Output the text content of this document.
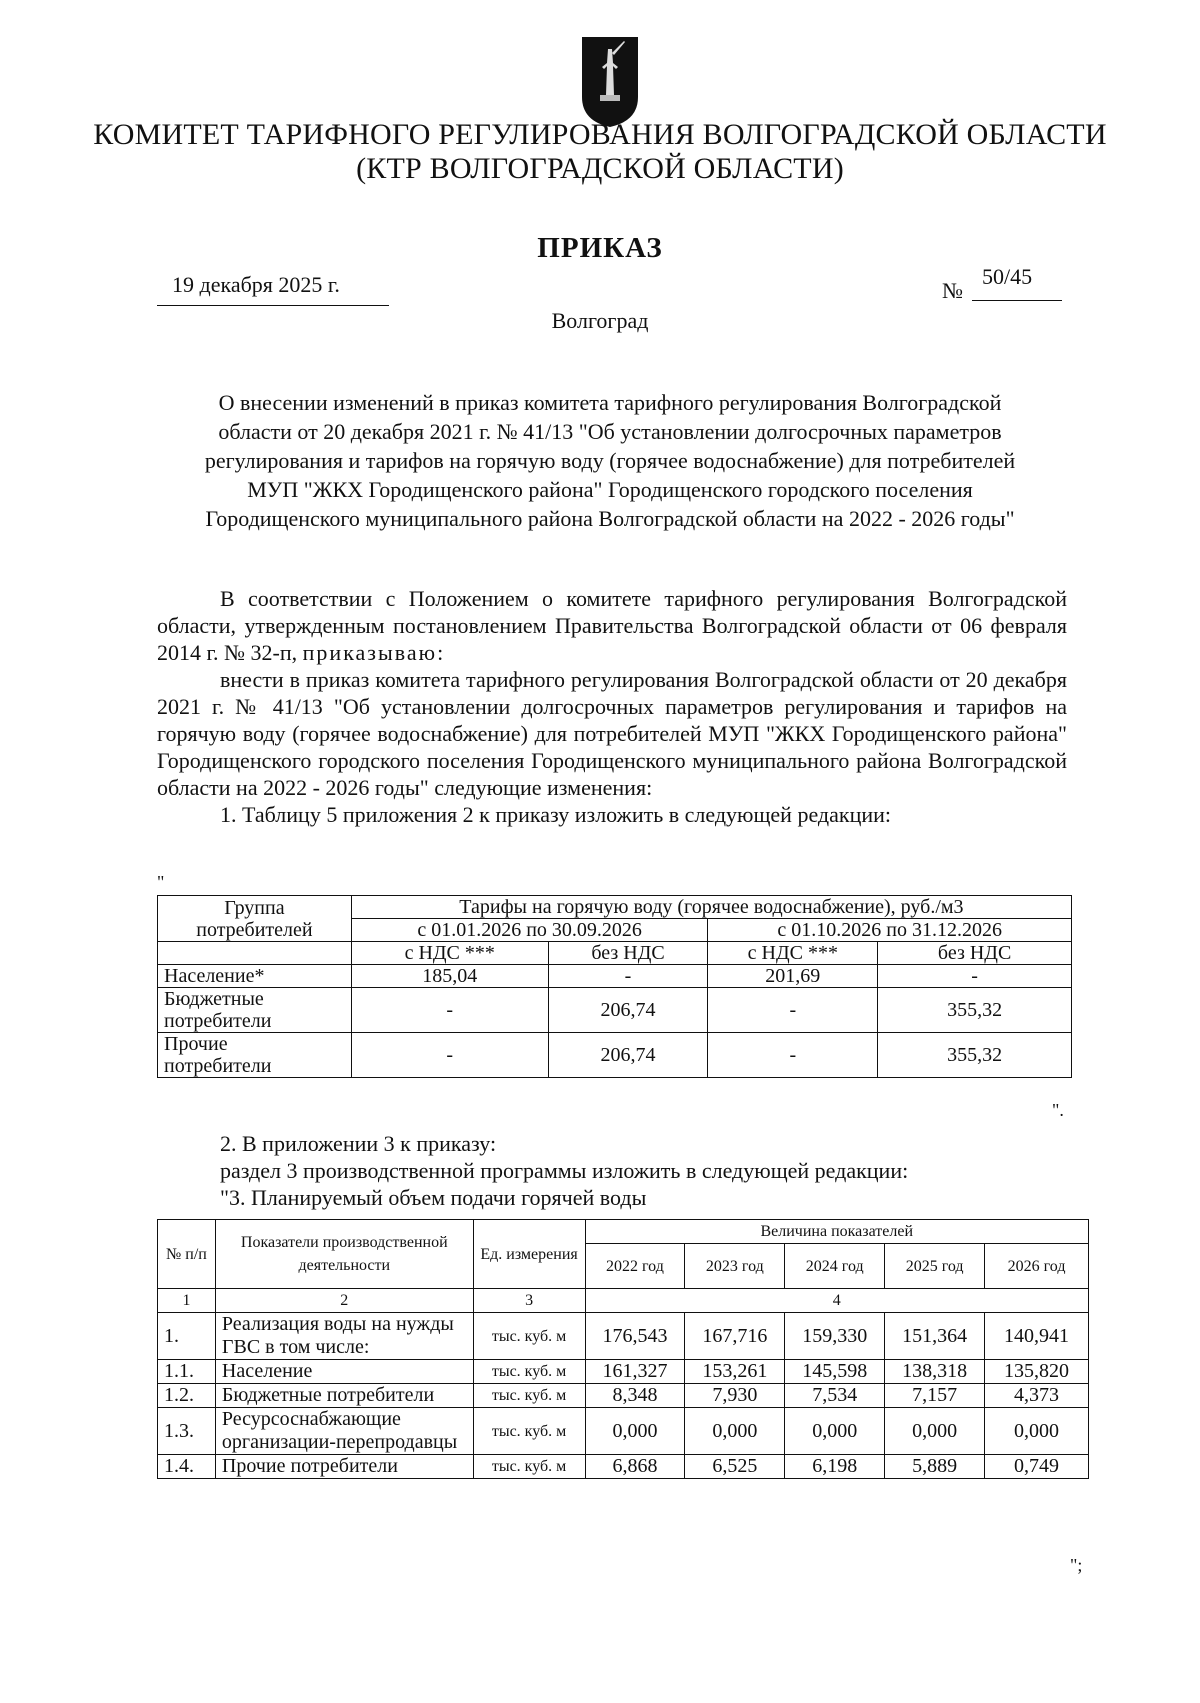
КОМИТЕТ ТАРИФНОГО РЕГУЛИРОВАНИЯ ВОЛГОГРАДСКОЙ ОБЛАСТИ
(КТР ВОЛГОГРАДСКОЙ ОБЛАСТИ)
ПРИКАЗ
19 декабря 2025 г.	№
50/45
Волгоград
О внесении изменений в приказ комитета тарифного регулирования Волгоградской
области от 20 декабря 2021 г. № 41/13 "Об установлении долгосрочных параметров
регулирования и тарифов на горячую воду (горячее водоснабжение) для потребителей
МУП "ЖКХ Городищенского района" Городищенского городского поселения
Городищенского муниципального района Волгоградской области на 2022 - 2026 годы"

В соответствии с Положением о комитете тарифного регулирования Волгоградской области, утвержденным постановлением Правительства Волгоградской области от 06 февраля 2014 г. № 32-п, приказываю:

внести в приказ комитета тарифного регулирования Волгоградской области от 20 декабря 2021 г. № 41/13 "Об установлении долгосрочных параметров регулирования и тарифов на горячую воду (горячее водоснабжение) для потребителей МУП "ЖКХ Городищенского района" Городищенского городского поселения Городищенского муниципального района Волгоградской области на 2022 - 2026 годы" следующие изменения:

1. Таблицу 5 приложения 2 к приказу изложить в следующей редакции:

"
Группа потребителей	Тарифы на горячую воду (горячее водоснабжение), руб./м3			
	с 01.01.2026 по 30.09.2026		с 01.10.2026 по 31.12.2026	
	с НДС ***	без НДС	с НДС ***	без НДС
Население*	185,04	-	201,69	-

Бюджетные
потребители	-	206,74	-	355,32

Прочие
потребители	-	206,74	-	355,32
".

2. В приложении 3 к приказу:

раздел 3 производственной программы изложить в следующей редакции:

"3. Планируемый объем подачи горячей воды

№ п/п	Показатели производственной деятельности	Ед. измерения	Величина показателей				
			2022 год	2023 год	2024 год	2025 год	2026 год
1	2	3	4				
1.	Реализация воды на нужды ГВС в том числе:	тыс. куб. м	176,543	167,716	159,330	151,364	140,941
1.1.	Население	тыс. куб. м	161,327	153,261	145,598	138,318	135,820
1.2.	Бюджетные потребители	тыс. куб. м	8,348	7,930	7,534	7,157	4,373
1.3.	Ресурсоснабжающие организации-перепродавцы	тыс. куб. м	0,000	0,000	0,000	0,000	0,000
1.4.	Прочие потребители	тыс. куб. м	6,868	6,525	6,198	5,889	0,749
";
